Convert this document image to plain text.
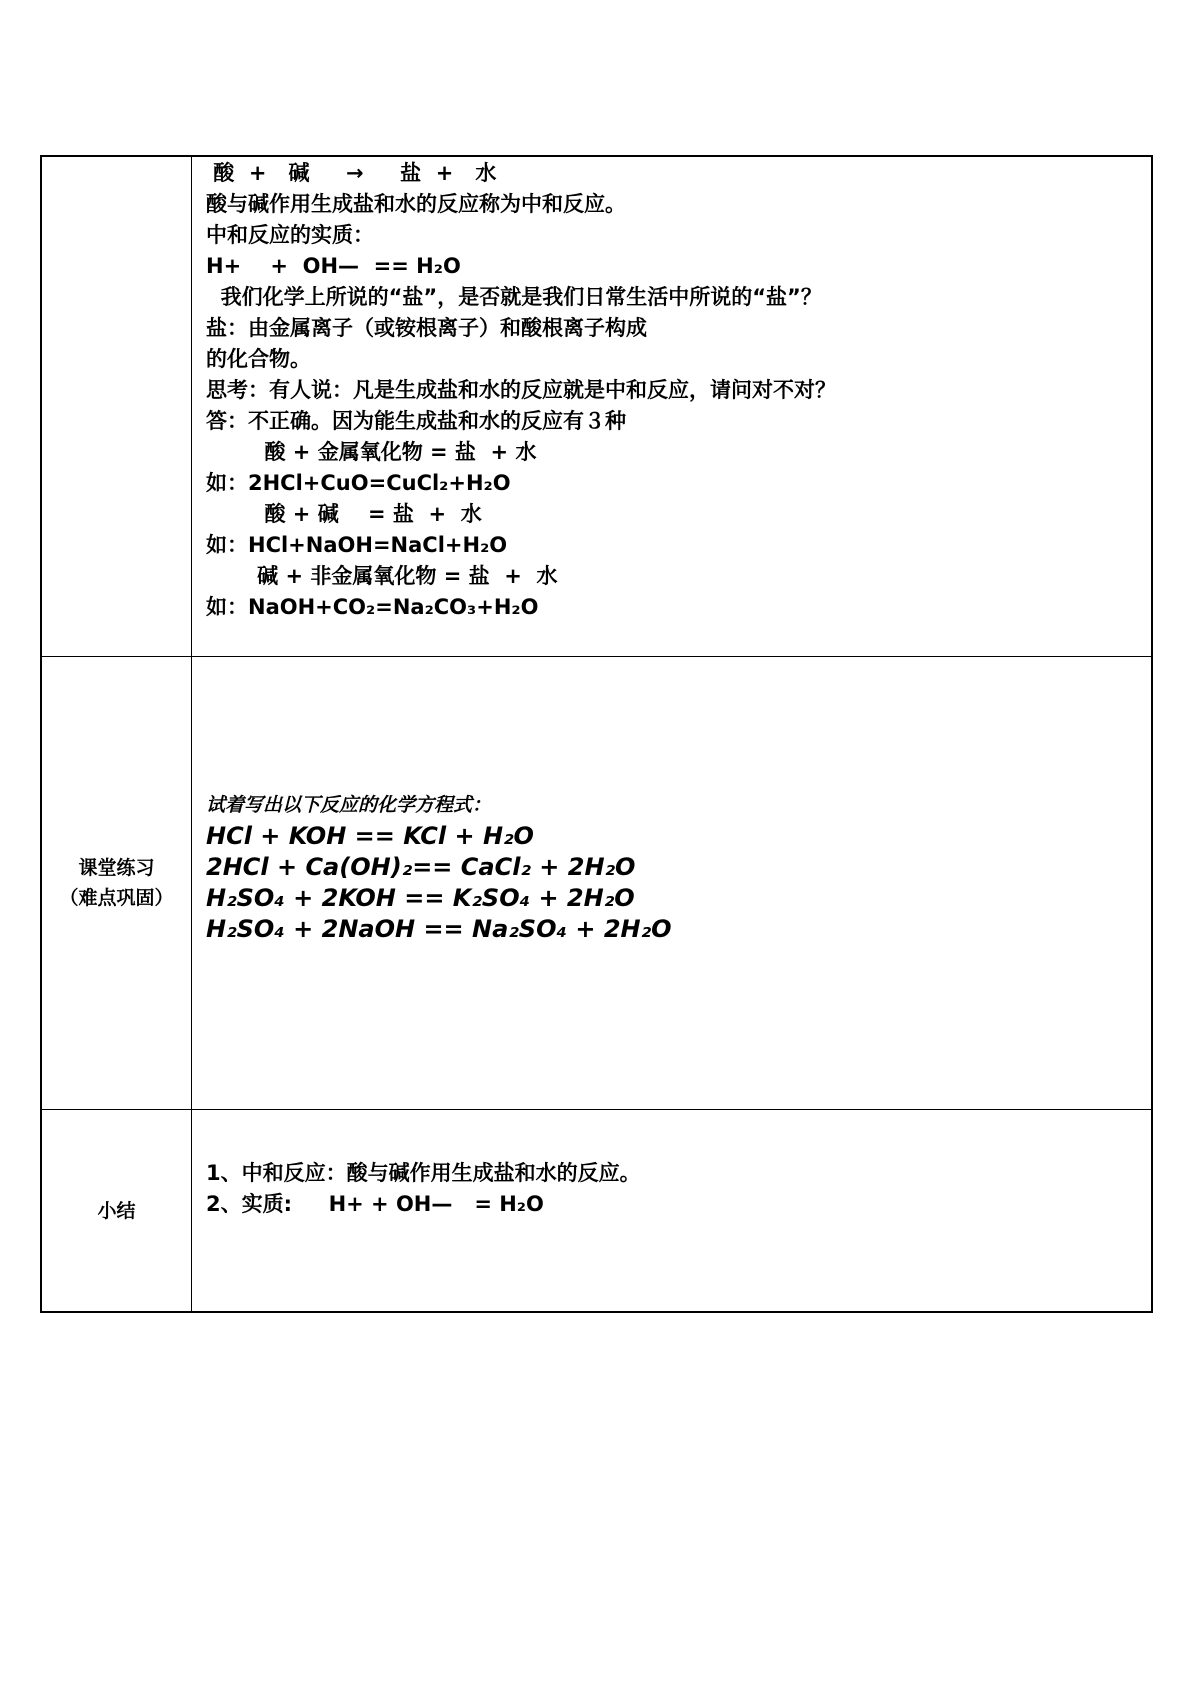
酸  +   碱     →     盐  +   水
酸与碱作用生成盐和水的反应称为中和反应。
中和反应的实质：
H+    +  OH—  == H₂O
我们化学上所说的“盐”，是否就是我们日常生活中所说的“盐”？
盐：由金属离子（或铵根离子）和酸根离子构成
的化合物。
思考：有人说：凡是生成盐和水的反应就是中和反应，请问对不对？
答：不正确。因为能生成盐和水的反应有３种
酸 + 金属氧化物 = 盐  + 水
如：2HCl+CuO=CuCl₂+H₂O
酸 + 碱    = 盐  +  水
如：HCl+NaOH=NaCl+H₂O
碱 + 非金属氧化物 = 盐  +  水
如：NaOH+CO₂=Na₂CO₃+H₂O
课堂练习
（难点巩固）
试着写出以下反应的化学方程式：
HCl + KOH == KCl + H₂O
2HCl + Ca(OH)₂== CaCl₂ + 2H₂O
H₂SO₄ + 2KOH == K₂SO₄ + 2H₂O
H₂SO₄ + 2NaOH == Na₂SO₄ + 2H₂O
小结
1、中和反应：酸与碱作用生成盐和水的反应。
2、实质:     H+ + OH—   = H₂O
